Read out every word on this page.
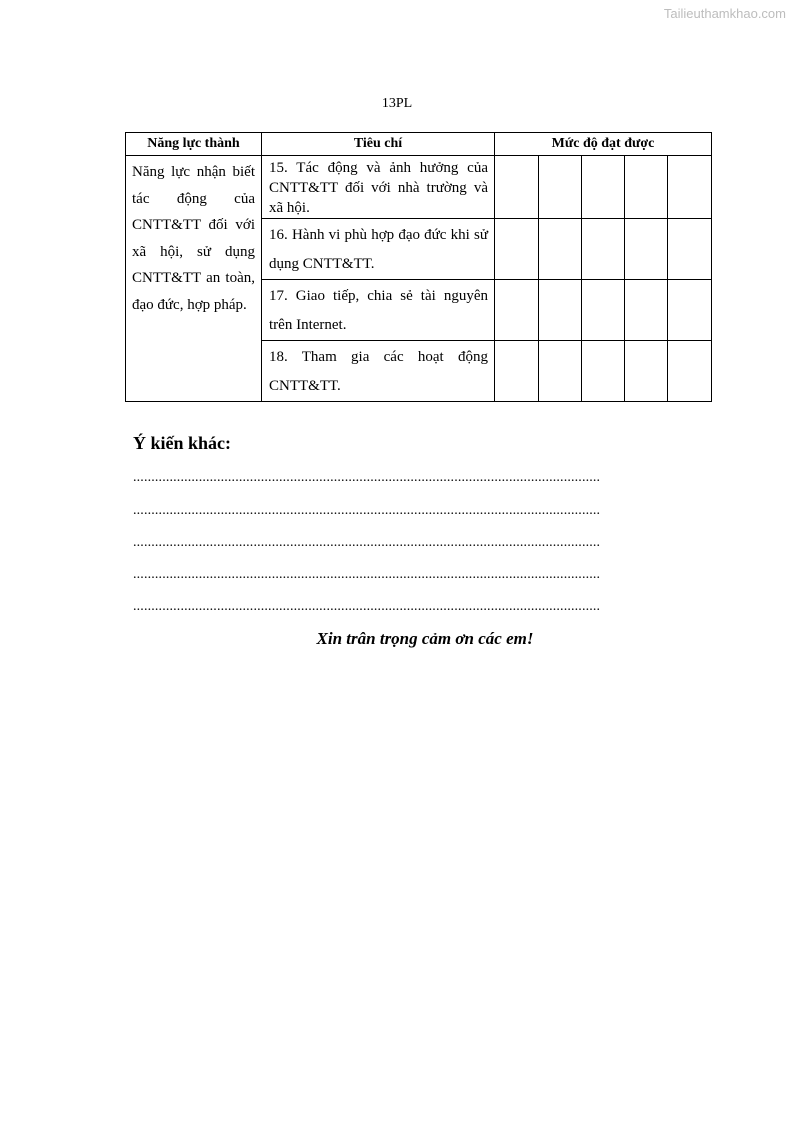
Tailieuthamkhao.com
13PL
Năng lực thành	Tiêu chí	Mức độ đạt được				
Năng lực nhận biết tác động của CNTT&TT đối với xã hội, sử dụng CNTT&TT an toàn, đạo đức, hợp pháp.	15. Tác động và ảnh hưởng của CNTT&TT đối với nhà trường và xã hội.					
	16. Hành vi phù hợp đạo đức khi sử dụng CNTT&TT.					
	17. Giao tiếp, chia sẻ tài nguyên trên Internet.					
	18. Tham gia các hoạt động CNTT&TT.					
Ý kiến khác:
................................................................................................................................
................................................................................................................................
................................................................................................................................
................................................................................................................................
................................................................................................................................
Xin trân trọng cảm ơn các em!
